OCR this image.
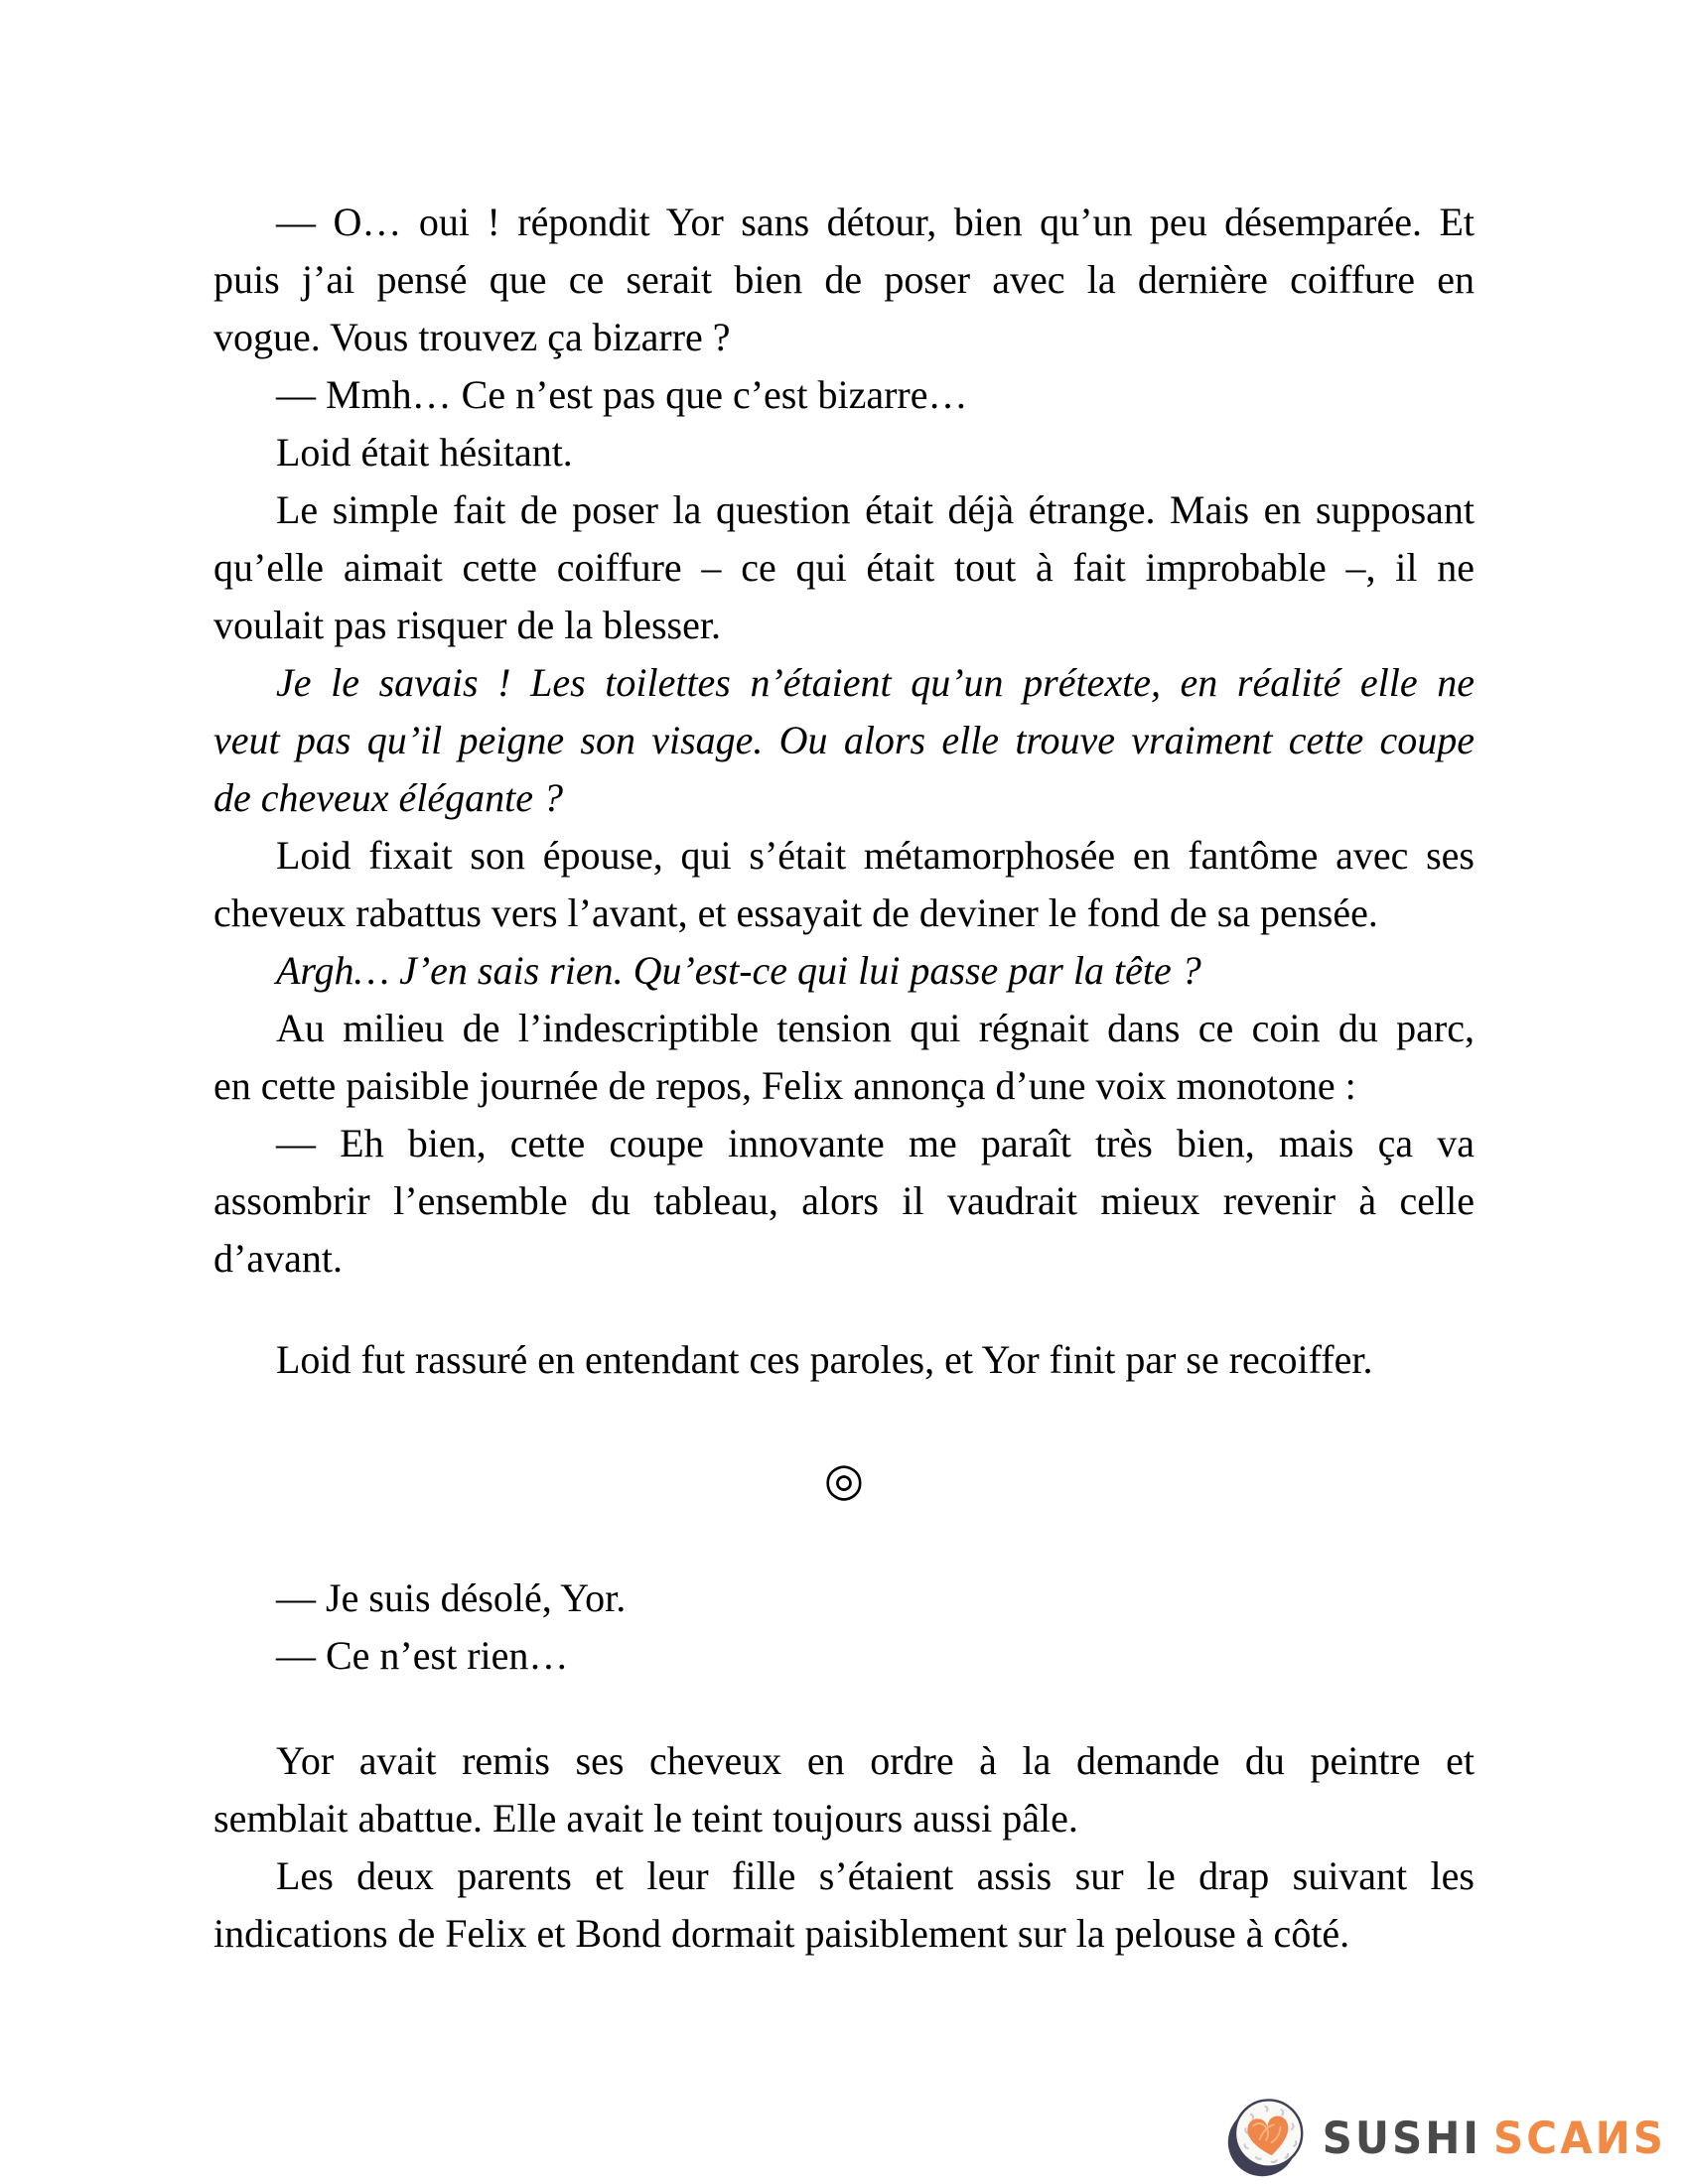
— O… oui ! répondit Yor sans détour, bien qu’un peu désemparée. Et
puis j’ai pensé que ce serait bien de poser avec la dernière coiffure en
vogue. Vous trouvez ça bizarre ?
— Mmh… Ce n’est pas que c’est bizarre…
Loid était hésitant.
Le simple fait de poser la question était déjà étrange. Mais en supposant
qu’elle aimait cette coiffure – ce qui était tout à fait improbable –, il ne
voulait pas risquer de la blesser.
Je le savais ! Les toilettes n’étaient qu’un prétexte, en réalité elle ne
veut pas qu’il peigne son visage. Ou alors elle trouve vraiment cette coupe
de cheveux élégante ?
Loid fixait son épouse, qui s’était métamorphosée en fantôme avec ses
cheveux rabattus vers l’avant, et essayait de deviner le fond de sa pensée.
Argh… J’en sais rien. Qu’est-ce qui lui passe par la tête ?
Au milieu de l’indescriptible tension qui régnait dans ce coin du parc,
en cette paisible journée de repos, Felix annonça d’une voix monotone :
— Eh bien, cette coupe innovante me paraît très bien, mais ça va
assombrir l’ensemble du tableau, alors il vaudrait mieux revenir à celle
d’avant.
Loid fut rassuré en entendant ces paroles, et Yor finit par se recoiffer.
◎
— Je suis désolé, Yor.
— Ce n’est rien…
Yor avait remis ses cheveux en ordre à la demande du peintre et
semblait abattue. Elle avait le teint toujours aussi pâle.
Les deux parents et leur fille s’étaient assis sur le drap suivant les
indications de Felix et Bond dormait paisiblement sur la pelouse à côté.
SUSHI SCAИS
